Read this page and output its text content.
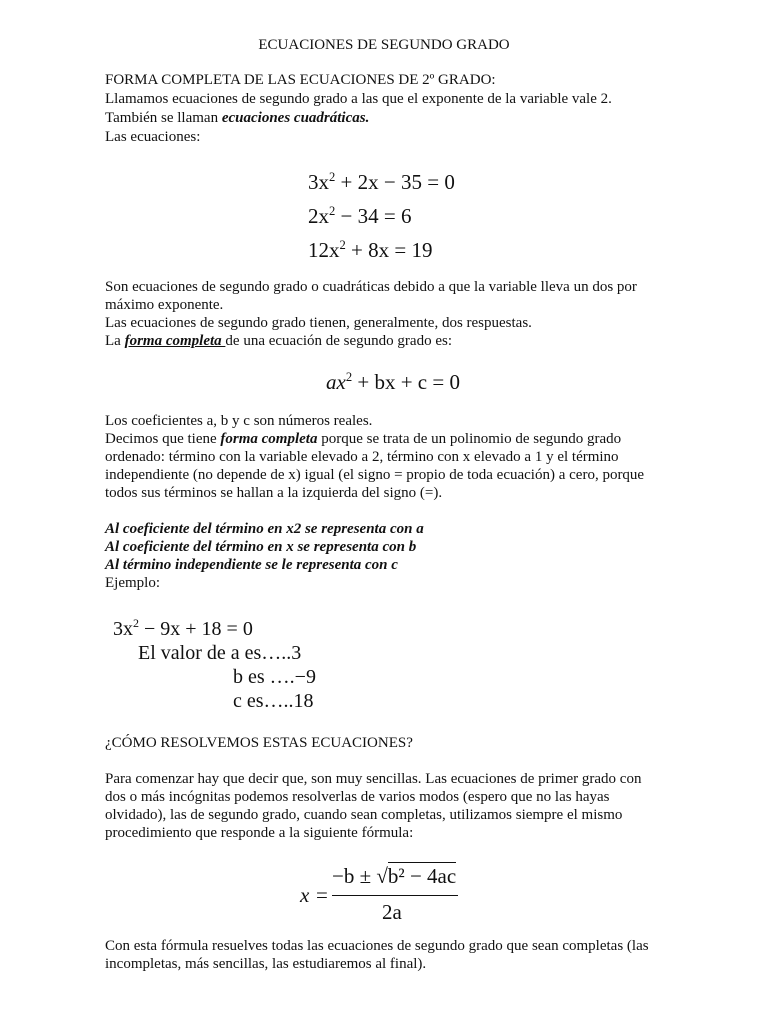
ECUACIONES DE SEGUNDO GRADO
FORMA COMPLETA DE LAS ECUACIONES DE 2º GRADO:
Llamamos ecuaciones de segundo grado a las que el exponente de la variable vale 2.
También se llaman ecuaciones cuadráticas.
Las ecuaciones:
$3x^2 + 2x - 35 = 0$
$2x^2 - 34 = 6$
$12x^2 + 8x = 19$
Son ecuaciones de segundo grado o cuadráticas debido a que la variable lleva un dos por
máximo exponente.
Las ecuaciones de segundo grado tienen, generalmente, dos respuestas.
La forma completa de una ecuación de segundo grado es:
$ax^2$ + bx + c = 0
Los coeficientes a, b y c son números reales.
Decimos que tiene forma completa porque se trata de un polinomio de segundo grado
ordenado: término con la variable elevado a 2, término con x elevado a 1 y el término
independiente (no depende de x) igual (el signo = propio de toda ecuación) a cero, porque
todos sus términos se hallan a la izquierda del signo (=).
Al coeficiente del término en x2 se representa con a
Al coeficiente del término en x se representa con b
Al término independiente se le representa con c
Ejemplo:
$3x^2 - 9x + 18 = 0$
El valor de a es…..3
b es ….−9
c es…..18
¿CÓMO RESOLVEMOS ESTAS ECUACIONES?
Para comenzar hay que decir que, son muy sencillas. Las ecuaciones de primer grado con
dos o más incógnitas podemos resolverlas de varios modos (espero que no las hayas
olvidado), las de segundo grado, cuando sean completas, utilizamos siempre el mismo
procedimiento que responde a la siguiente fórmula:
x =
−b ± √b² − 4ac
2a
Con esta fórmula resuelves todas las ecuaciones de segundo grado que sean completas (las
incompletas, más sencillas, las estudiaremos al final).
